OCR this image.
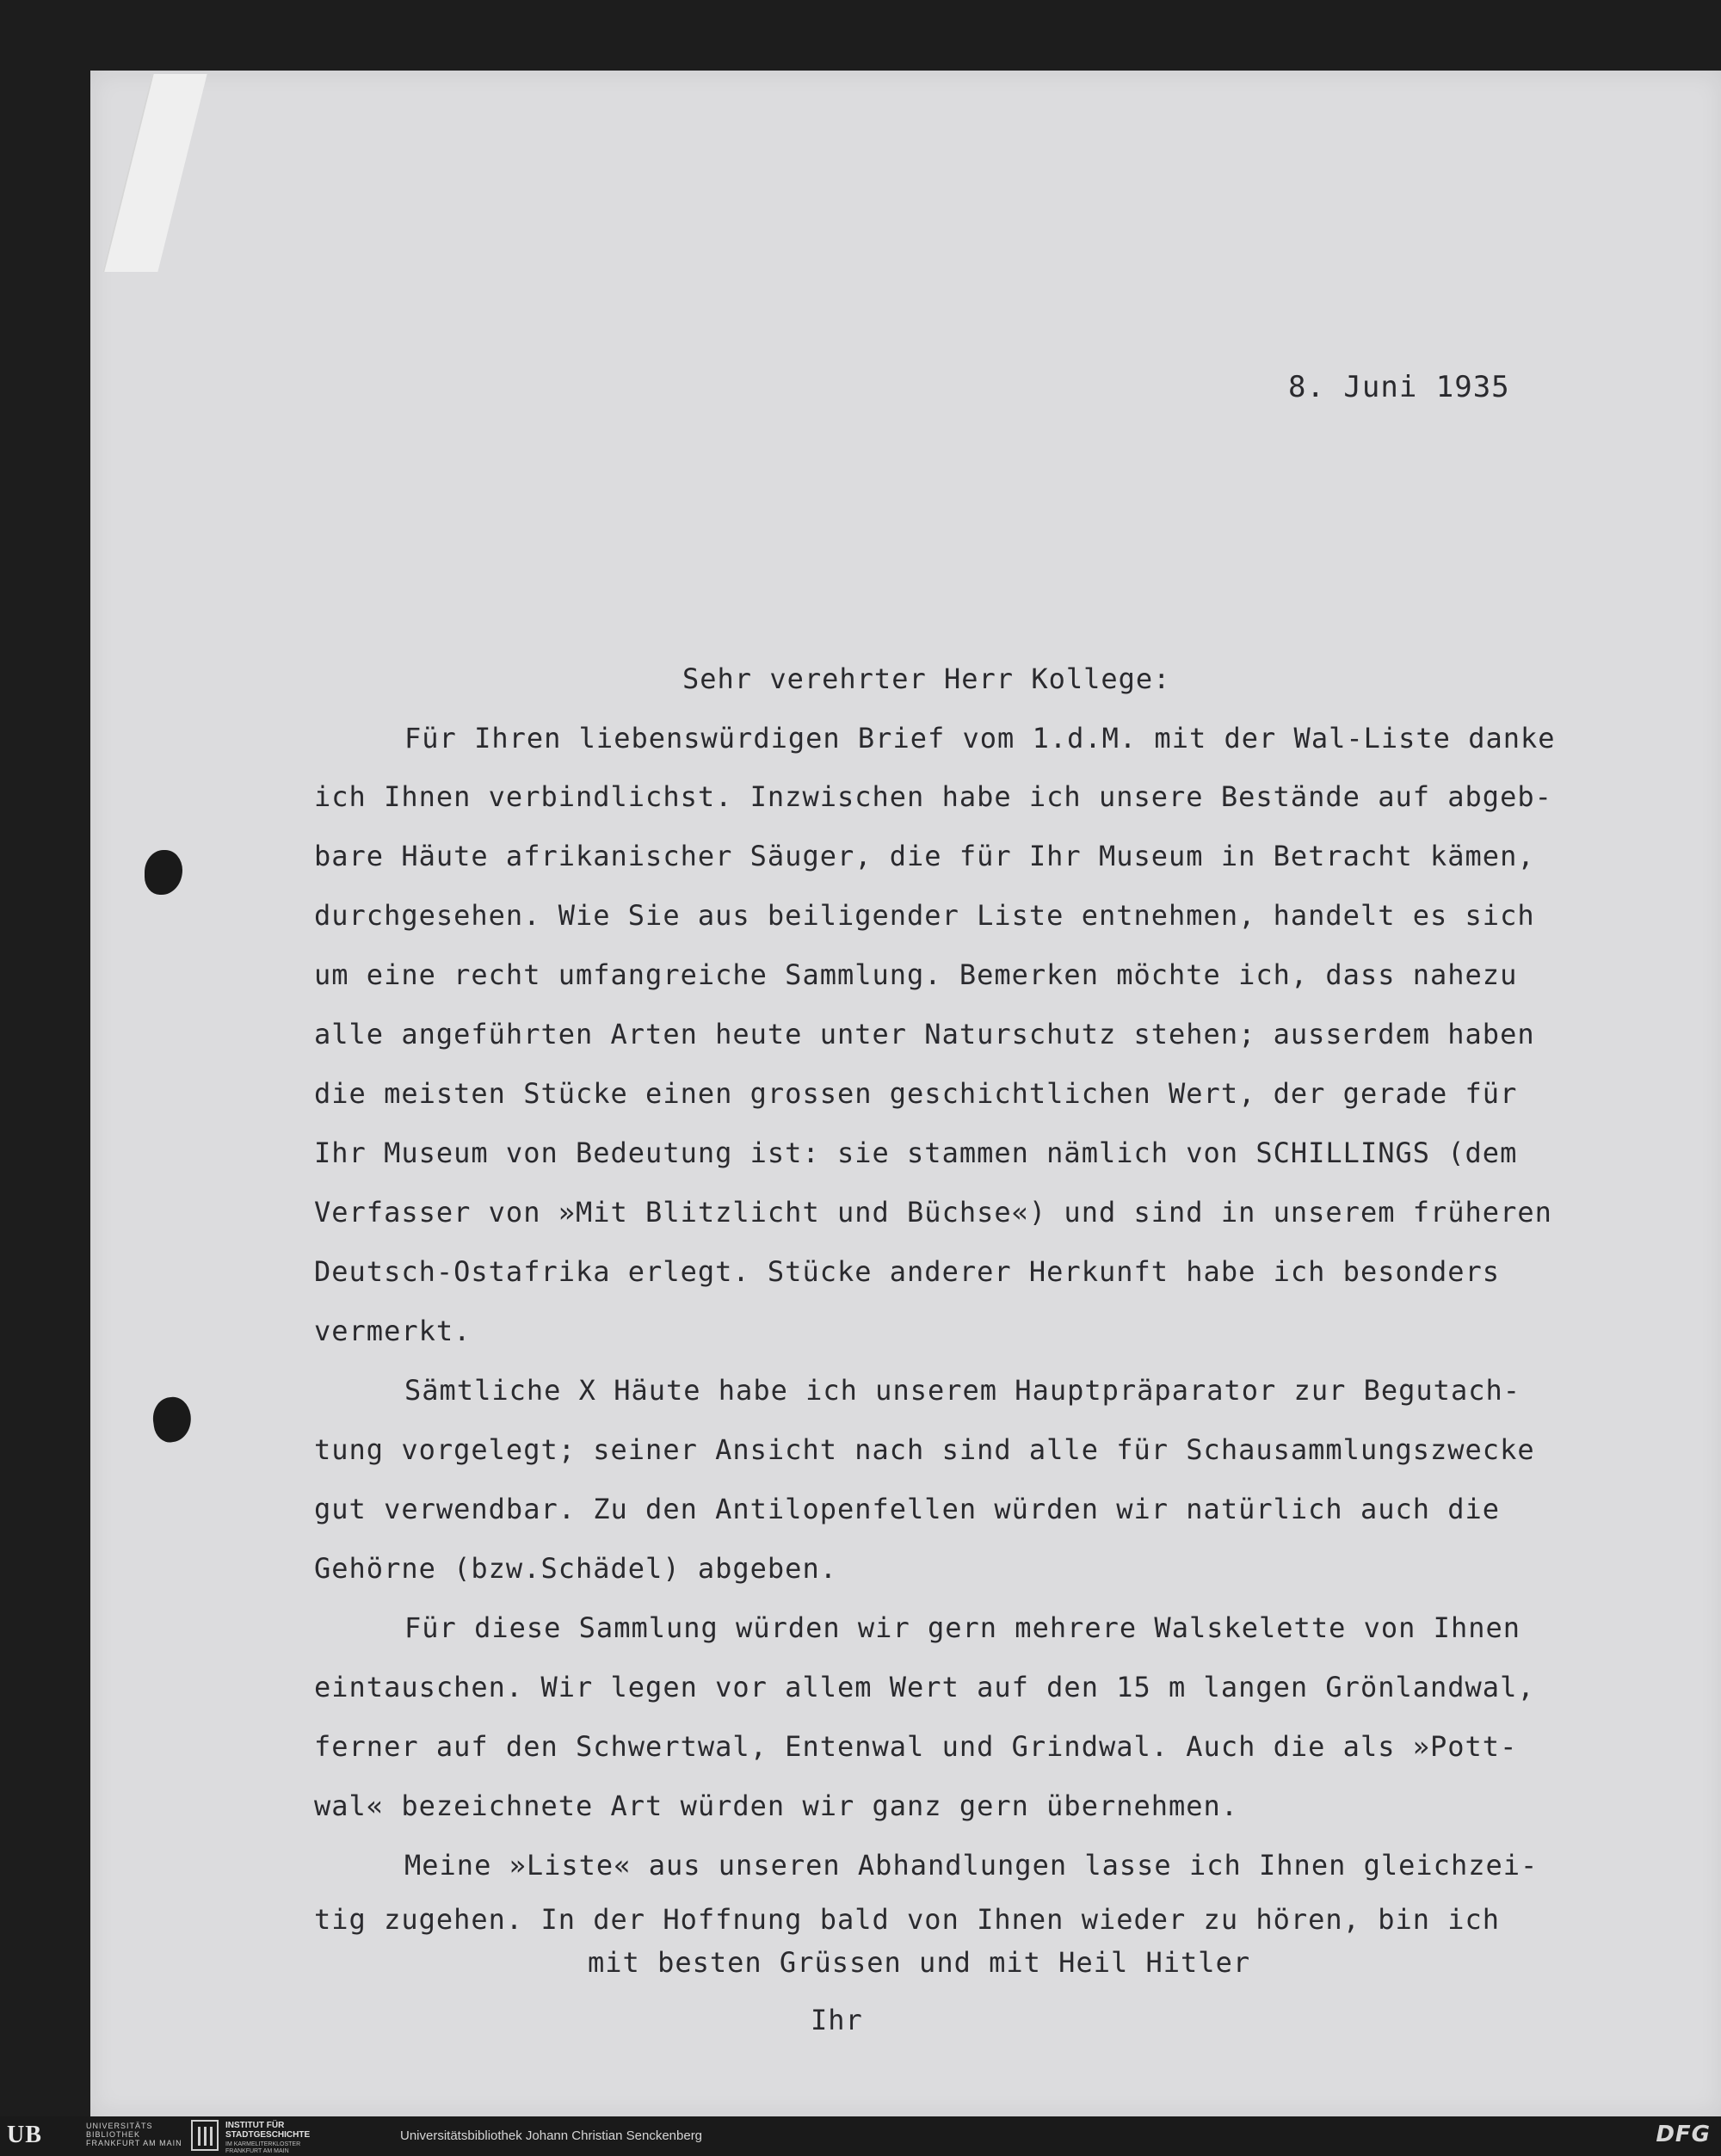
8. Juni 1935
Sehr verehrter Herr Kollege:
Für Ihren liebenswürdigen Brief vom 1.d.M. mit der Wal-Liste danke
ich Ihnen verbindlichst. Inzwischen habe ich unsere Bestände auf abgeb-
bare Häute afrikanischer Säuger, die für Ihr Museum in Betracht kämen,
durchgesehen. Wie Sie aus beiligender Liste entnehmen, handelt es sich
um eine recht umfangreiche Sammlung. Bemerken möchte ich, dass nahezu
alle angeführten Arten heute unter Naturschutz stehen; ausserdem haben
die meisten Stücke einen grossen geschichtlichen Wert, der gerade für
Ihr Museum von Bedeutung ist: sie stammen nämlich von SCHILLINGS (dem
Verfasser von »Mit Blitzlicht und Büchse«) und sind in unserem früheren
Deutsch-Ostafrika erlegt. Stücke anderer Herkunft habe ich besonders
vermerkt.
Sämtliche X Häute habe ich unserem Hauptpräparator zur Begutach-
tung vorgelegt; seiner Ansicht nach sind alle für Schausammlungszwecke
gut verwendbar. Zu den Antilopenfellen würden wir natürlich auch die
Gehörne (bzw.Schädel) abgeben.
Für diese Sammlung würden wir gern mehrere Walskelette von Ihnen
eintauschen. Wir legen vor allem Wert auf den 15 m langen Grönlandwal,
ferner auf den Schwertwal, Entenwal und Grindwal. Auch die als »Pott-
wal« bezeichnete Art würden wir ganz gern übernehmen.
Meine »Liste« aus unseren Abhandlungen lasse ich Ihnen gleichzei-
tig zugehen. In der Hoffnung bald von Ihnen wieder zu hören, bin ich
mit besten Grüssen und mit Heil Hitler
Ihr
UB	UNIVERSITÄTS
BIBLIOTHEK
FRANKFURT AM MAIN
INSTITUT FÜR
STADTGESCHICHTE
IM KARMELITERKLOSTER
FRANKFURT AM MAIN
Universitätsbibliothek Johann Christian Senckenberg	DFG
